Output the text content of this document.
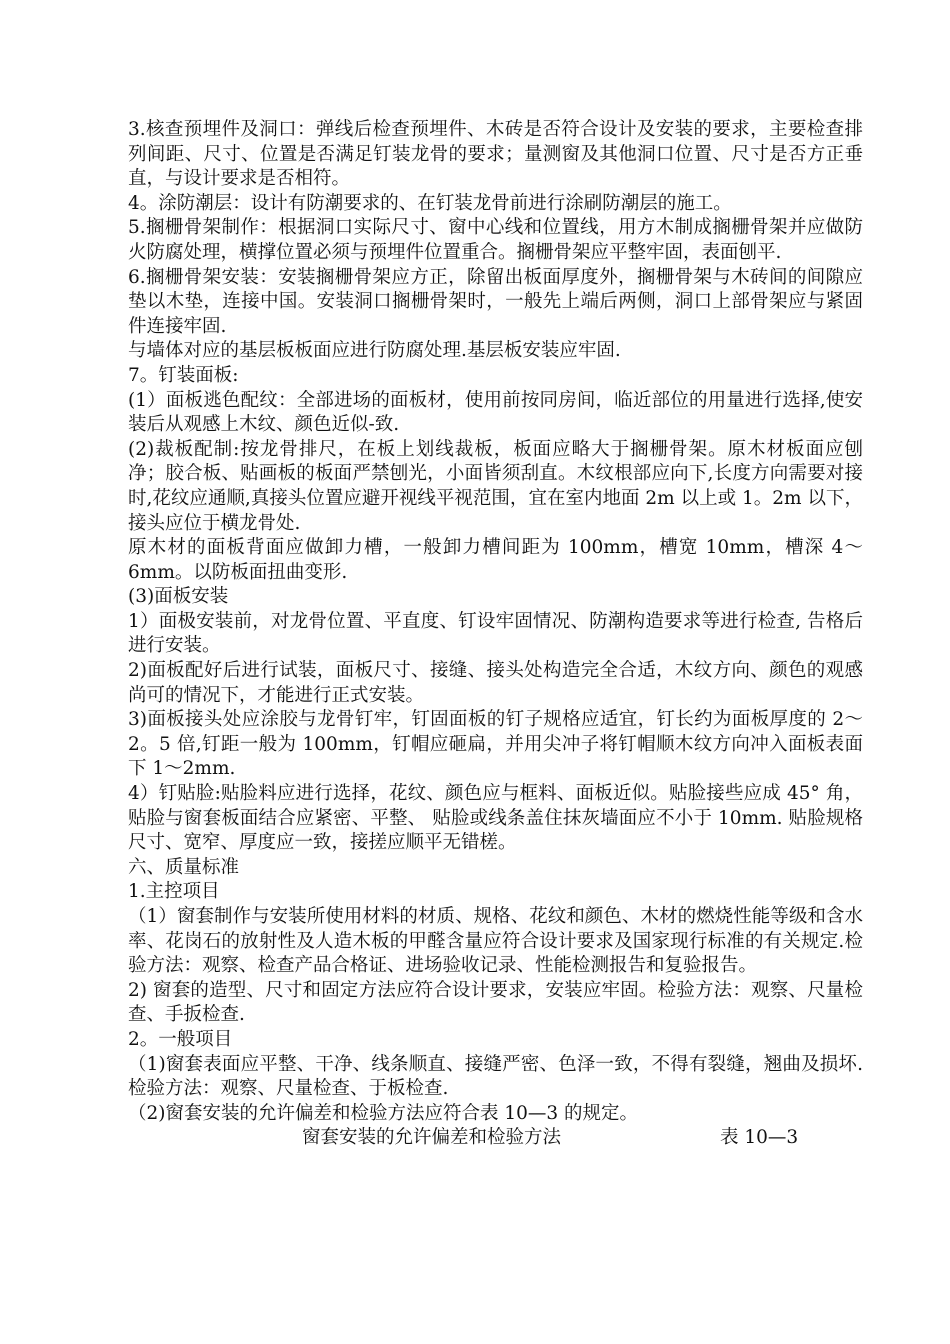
3.核查预埋件及洞口：弹线后检查预埋件、木砖是否符合设计及安装的要求，主要检查排列间距、尺寸、位置是否满足钉装龙骨的要求；量测窗及其他洞口位置、尺寸是否方正垂直，与设计要求是否相符。

4。涂防潮层：设计有防潮要求的、在钉装龙骨前进行涂刷防潮层的施工。

5.搁栅骨架制作：根据洞口实际尺寸、窗中心线和位置线，用方木制成搁栅骨架并应做防火防腐处理，横撑位置必须与预埋件位置重合。搁栅骨架应平整牢固，表面刨平.

6.搁栅骨架安装：安装搁栅骨架应方正，除留出板面厚度外，搁栅骨架与木砖间的间隙应垫以木垫，连接中国。安装洞口搁栅骨架时，一般先上端后两侧，洞口上部骨架应与紧固件连接牢固.

与墙体对应的基层板板面应进行防腐处理.基层板安装应牢固.

7。钉装面板:

(1）面板逃色配纹：全部进场的面板材，使用前按同房间，临近部位的用量进行选择,使安装后从观感上木纹、颜色近似-致.

(2)裁板配制:按龙骨排尺，在板上划线裁板，板面应略大于搁栅骨架。原木材板面应刨净；胶合板、贴画板的板面严禁刨光，小面皆须刮直。木纹根部应向下,长度方向需要对接时,花纹应通顺,真接头位置应避开视线平视范围，宜在室内地面 2m 以上或 1。2m 以下，接头应位于横龙骨处.

原木材的面板背面应做卸力槽，一般卸力槽间距为 100mm，槽宽 10mm，槽深 4～6mm。以防板面扭曲变形.

(3)面板安装

1）面极安装前，对龙骨位置、平直度、钉设牢固情况、防潮构造要求等进行检查, 告格后进行安装。

2)面板配好后进行试装，面板尺寸、接缝、接头处构造完全合适，木纹方向、颜色的观感尚可的情况下，才能进行正式安装。

3)面板接头处应涂胶与龙骨钉牢，钉固面板的钉子规格应适宜，钉长约为面板厚度的 2～2。5 倍,钉距一般为 100mm，钉帽应砸扁，并用尖冲子将钉帽顺木纹方向冲入面板表面下 1～2mm.

4）钉贴脸:贴脸料应进行选择，花纹、颜色应与框料、面板近似。贴脸接些应成 45° 角，贴脸与窗套板面结合应紧密、平整、 贴脸或线条盖住抹灰墙面应不小于 10mm. 贴脸规格尺寸、宽窄、厚度应一致，接搓应顺平无错槎。

六、质量标准

1.主控项目

（1）窗套制作与安装所使用材料的材质、规格、花纹和颜色、木材的燃烧性能等级和含水率、花岗石的放射性及人造木板的甲醛含量应符合设计要求及国家现行标准的有关规定.检验方法：观察、检查产品合格证、进场验收记录、性能检测报告和复验报告。

2) 窗套的造型、尺寸和固定方法应符合设计要求，安装应牢固。检验方法：观察、尺量检查、手扳检查.

2。一般项目

（1)窗套表面应平整、干净、线条顺直、接缝严密、色泽一致，不得有裂缝，翘曲及损坏.检验方法：观察、尺量检查、于板检查.

（2)窗套安装的允许偏差和检验方法应符合表 10—3 的规定。

窗套安装的允许偏差和检验方法	表 10—3
